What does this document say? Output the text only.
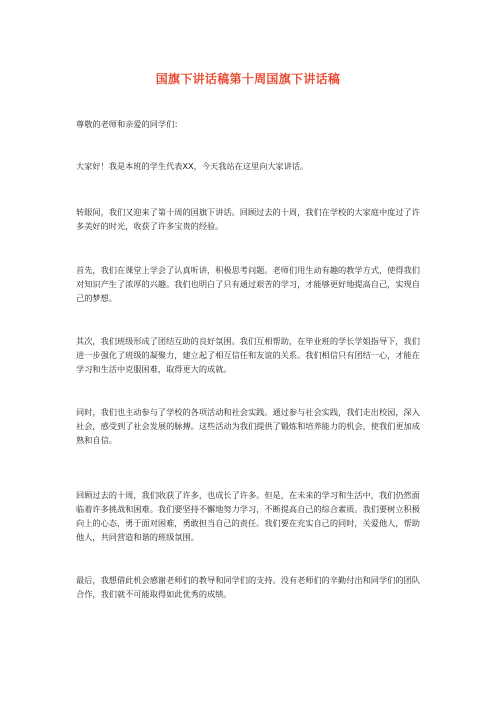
国旗下讲话稿第十周国旗下讲话稿

尊敬的老师和亲爱的同学们：

大家好！我是本班的学生代表XX，今天我站在这里向大家讲话。

转眼间，我们又迎来了第十周的国旗下讲话。回顾过去的十周，我们在学校的大家庭中度过了许多美好的时光，收获了许多宝贵的经验。

首先，我们在课堂上学会了认真听讲，积极思考问题。老师们用生动有趣的教学方式，使得我们对知识产生了浓厚的兴趣。我们也明白了只有通过艰苦的学习，才能够更好地提高自己，实现自己的梦想。

其次，我们班级形成了团结互助的良好氛围。我们互相帮助，在毕业班的学长学姐指导下，我们进一步强化了班级的凝聚力，建立起了相互信任和友谊的关系。我们相信只有团结一心，才能在学习和生活中克服困难，取得更大的成就。

同时，我们也主动参与了学校的各项活动和社会实践。通过参与社会实践，我们走出校园，深入社会，感受到了社会发展的脉搏。这些活动为我们提供了锻炼和培养能力的机会，使我们更加成熟和自信。

回顾过去的十周，我们收获了许多，也成长了许多。但是，在未来的学习和生活中，我们仍然面临着许多挑战和困难。我们要坚持不懈地努力学习，不断提高自己的综合素质。我们要树立积极向上的心态，勇于面对困难，勇敢担当自己的责任。我们要在充实自己的同时，关爱他人，帮助他人，共同营造和谐的班级氛围。

最后，我想借此机会感谢老师们的教导和同学们的支持。没有老师们的辛勤付出和同学们的团队合作，我们就不可能取得如此优秀的成绩。
